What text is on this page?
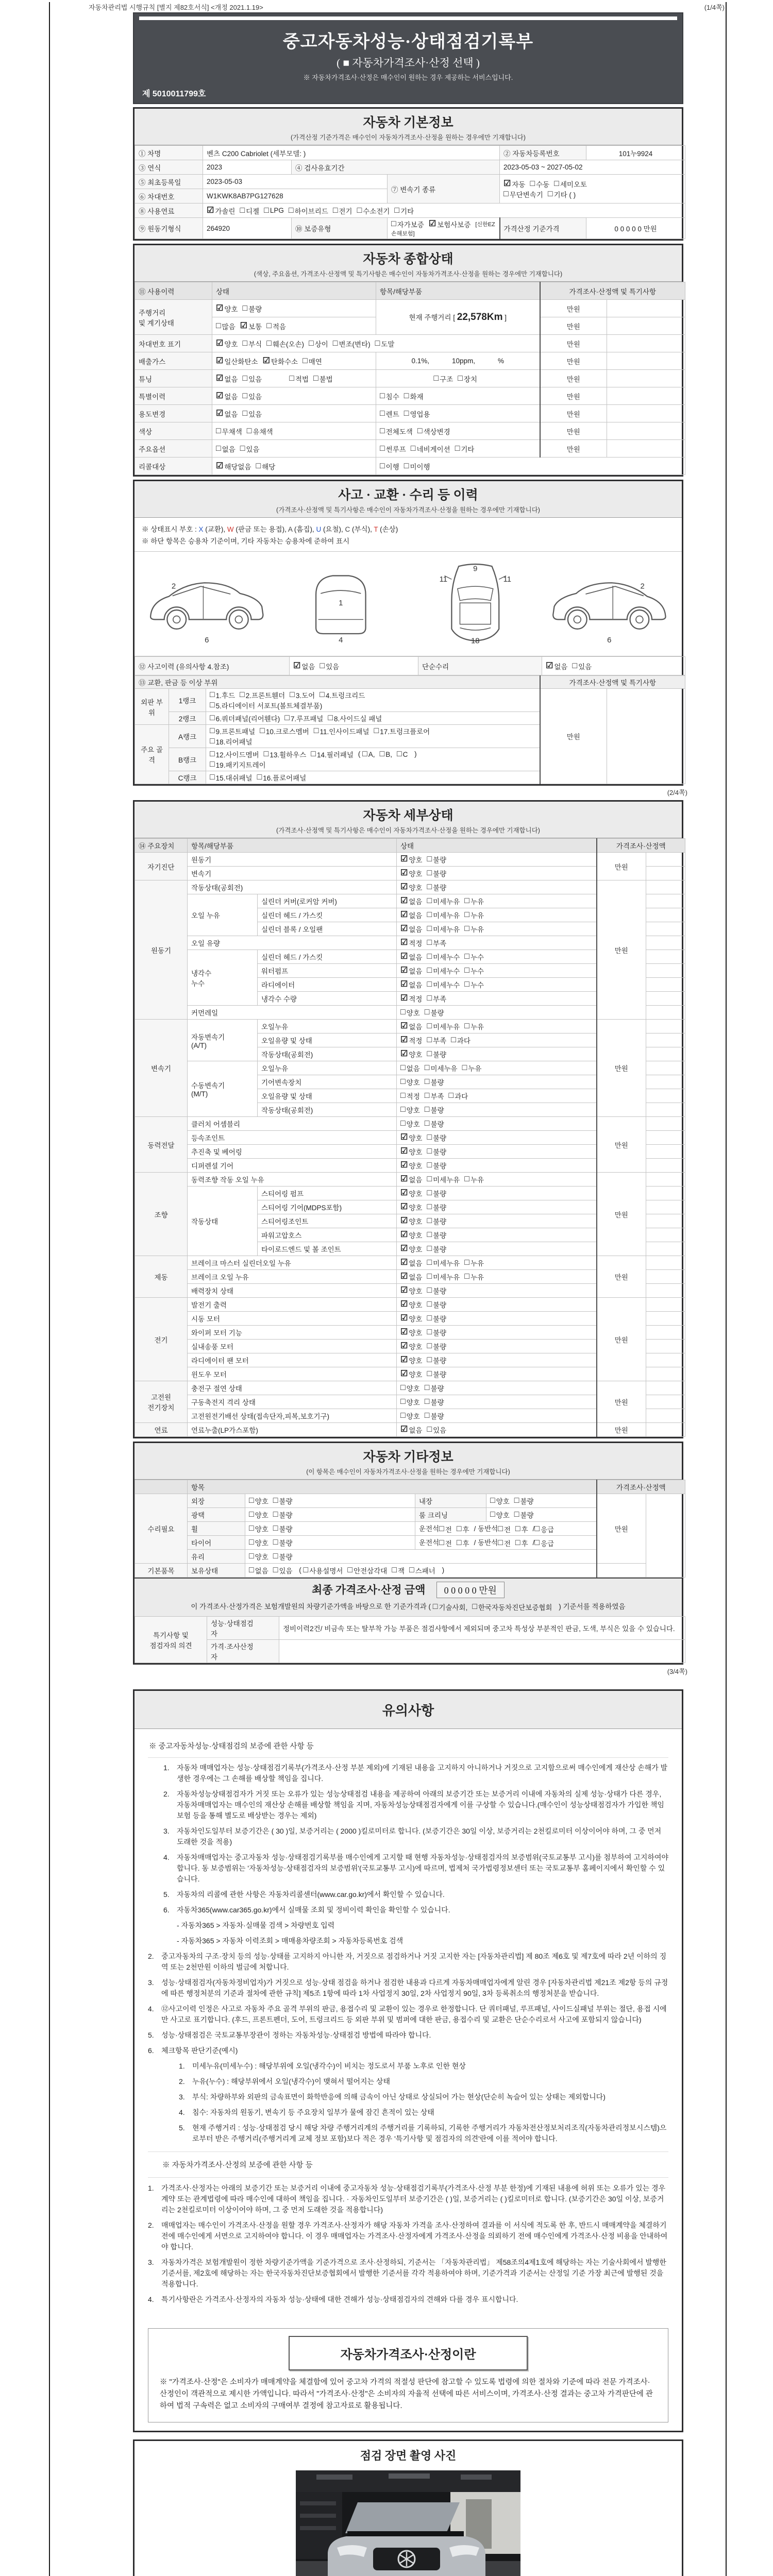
자동차관리법 시행규칙 [별지 제82호서식] <개정 2021.1.19>	(1/4쪽)
중고자동차성능·상태점검기록부
( ■ 자동차가격조사·산정 선택 )
※ 자동차가격조사·산정은 매수인이 원하는 경우 제공하는 서비스입니다.
제 5010011799호
자동차 기본정보
(가격산정 기준가격은 매수인이 자동차가격조사·산정을 원하는 경우에만 기재합니다)
① 차명	벤츠 C200 Cabriolet (세부모델: )			② 자동차등록번호	101누9924
③ 연식	2023	④ 검사유효기간		2023-05-03 ~ 2027-05-02	
⑤ 최초등록일	2023-05-03	⑦ 변속기 종류	
☑ 자동 □ 수동 □ 세미오토

□ 무단변속기 □ 기타 ( )

⑥ 차대번호	W1KWK8AB7PG127628				
⑧ 사용연료	☑ 가솔린 □ 디젤 □ LPG □ 하이브리드 □ 전기 □ 수소전기 □ 기타

⑨ 원동기형식	264920	⑩ 보증유형	□ 자가보증 ☑ 보험사보증 [신한EZ손해보험]	가격산정 기준가격	0 0 0 0 0 만원
자동차 종합상태
(색상, 주요옵션, 가격조사·산정액 및 특기사항은 매수인이 자동차가격조사·산정을 원하는 경우에만 기재합니다)
⑪ 사용이력	상태	항목/해당부품	가격조사·산정액 및 특기사항	
주행거리
및 계기상태	☑ 양호 □ 불량	현재 주행거리 [ 22,578Km ]	만원	

□ 많음 ☑ 보통 □ 적음	만원	
차대번호 표기	☑ 양호 □ 부식 □ 훼손(오손) □ 상이 □ 변조(변타) □ 도말	만원	
배출가스	☑ 일산화탄소 ☑ 탄화수소 □ 매연	0.1%,	10ppm,	%	만원	
튜닝	☑ 없음 □ 있음	□ 적법 □ 불법	□ 구조 □ 장치	만원	
특별이력	☑ 없음 □ 있음	□ 침수 □ 화재	만원	
용도변경	☑ 없음 □ 있음	□ 렌트 □ 영업용	만원	
색상	□ 무채색 □ 유채색	□ 전체도색 □ 색상변경	만원	
주요옵션	□ 없음 □ 있음	□ 썬루프 □ 네비게이션 □ 기타	만원	
리콜대상	☑ 해당없음 □ 해당	□ 이행 □ 미이행		
사고 · 교환 · 수리 등 이력
(가격조사·산정액 및 특기사항은 매수인이 자동차가격조사·산정을 원하는 경우에만 기재합니다)
※ 상태표시 부호 : X (교환), W (판금 또는 용접), A (흠집), U (요철), C (부식), T (손상)
※ 하단 항목은 승용차 기준이며, 기타 자동차는 승용차에 준하여 표시
2
6
1
4
11
9
11
18
2
6
⑫ 사고이력 (유의사항 4.참조)	☑ 없음 □ 있음	단순수리	☑ 없음 □ 있음
⑬ 교환, 판금 등 이상 부위			가격조사·산정액 및 특기사항	
외판 부위	1랭크	
□ 1.후드 □ 2.프론트휀더 □ 3.도어 □ 4.트렁크리드

□ 5.라디에이터 서포트(볼트체결부품)
	만원	
2랭크	□ 6.쿼더패널(리어휀다) □ 7.루프패널 □ 8.사이드실 패널

주요 골격	A랭크	
□ 9.프론트패널 □ 10.크로스멤버 □ 11.인사이드패널 □ 17.트렁크플로어

□ 18.리어패널

B랭크	
□ 12.사이드멤버 □ 13.휠하우스 □ 14.필러패널 ( □ A, □ B, □ C )

□ 19.패키지트레이

	C랭크	□ 15.대쉬패널 □ 16.플로어패널		
(2/4쪽)
자동차 세부상태
(가격조사·산정액 및 특기사항은 매수인이 자동차가격조사·산정을 원하는 경우에만 기재합니다)
⑭ 주요장치	항목/해당부품		상태	가격조사·산정액	
자기진단	원동기		☑ 양호 □ 불량	만원	
	변속기		☑ 양호 □ 불량		

원동기	작동상태(공회전)		☑ 양호 □ 불량	만원	
오일 누유	실린더 커버(로커암 커버)	☑ 없음 □ 미세누유 □ 누유

실린더 헤드 / 가스킷	☑ 없음 □ 미세누유 □ 누유

실린더 블록 / 오일팬	☑ 없음 □ 미세누유 □ 누유

	오일 유량		☑ 적정 □ 부족		

냉각수
누수	실린더 헤드 / 가스킷	☑ 없음 □ 미세누수 □ 누수

워터펌프	☑ 없음 □ 미세누수 □ 누수

라디에이터	☑ 없음 □ 미세누수 □ 누수

		냉각수 수량	☑ 적정 □ 부족		

	커먼레일		□ 양호 □ 불량		

변속기	자동변속기
(A/T)	오일누유	☑ 없음 □ 미세누유 □ 누유
	만원	
오일유량 및 상태	☑ 적정 □ 부족 □ 과다

		작동상태(공회전)	☑ 양호 □ 불량		

수동변속기
(M/T)	오일누유	□ 없음 □ 미세누유 □ 누유

		기어변속장치	□ 양호 □ 불량		

오일유량 및 상태	□ 적정 □ 부족 □ 과다

		작동상태(공회전)	□ 양호 □ 불량		

동력전달	클러치 어셈블리		□ 양호 □ 불량	만원	
	등속조인트		☑ 양호 □ 불량		

	추진축 및 베어링		☑ 양호 □ 불량		

	디퍼렌셜 기어		☑ 양호 □ 불량		

조향	동력조향 작동 오일 누유	☑ 없음 □ 미세누유 □ 누유
	만원	
	작동상태	스티어링 펌프	☑ 양호 □ 불량		

		스티어링 기어(MDPS포함)	☑ 양호 □ 불량		

		스티어링조인트	☑ 양호 □ 불량		

		파워고압호스	☑ 양호 □ 불량		

		타이로드엔드 및 볼 조인트	☑ 양호 □ 불량		

제동	브레이크 마스터 실린더오일 누유	☑ 없음 □ 미세누유 □ 누유
	만원	
브레이크 오일 누유	☑ 없음 □ 미세누유 □ 누유

	배력장치 상태		☑ 양호 □ 불량		

전기	발전기 출력		☑ 양호 □ 불량	만원	
	시동 모터		☑ 양호 □ 불량		

	와이퍼 모터 기능		☑ 양호 □ 불량		

	실내송풍 모터		☑ 양호 □ 불량		

	라디에이터 팬 모터		☑ 양호 □ 불량		

	윈도우 모터		☑ 양호 □ 불량		

고전원
전기장치	충전구 절연 상태		□ 양호 □ 불량	만원	
	구동축전지 격리 상태		□ 양호 □ 불량		

	고전원전기배선 상태(접속단자,피복,보호기구)		□ 양호 □ 불량		

연료	연료누출(LP가스포함)		☑ 없음 □ 있음	만원	
자동차 기타정보
(이 항목은 매수인이 자동차가격조사·산정을 원하는 경우에만 기재합니다)
	항목				가격조사·산정액	
수리필요	외장	□ 양호 □ 불량	내장	□ 양호 □ 불량	만원	
	광택	□ 양호 □ 불량	룸 크리닝	□ 양호 □ 불량		

휠	□ 양호 □ 불량	운전석 □ 전 □ 후 / 동반석 □ 전 □ 후 / □ 응급

타이어	□ 양호 □ 불량	운전석 □ 전 □ 후 / 동반석 □ 전 □ 후 / □ 응급

	유리	□ 양호 □ 불량				

기본품목	보유상태	□ 없음 □ 있음 ( □ 사용설명서 □ 안전삼각대 □ 잭 □ 스패너 )	
최종 가격조사·산정 금액 0 0 0 0 0 만원
이 가격조사·산정가격은 보험개발원의 차량기준가액을 바탕으로 한 기준가격과 ( □ 기술사회, □ 한국자동차진단보증협회 ) 기준서를 적용하였음
특기사항 및
점검자의 의견	성능·상태점검
자	정비이력2건/ 비금속 또는 탈부착 가능 부품은 점검사항에서 제외되며 중고차 특성상 부분적인 판금, 도색, 부식은 있을 수 있습니다.
	가격·조사산정
자	
(3/4쪽)
유의사항
※ 중고자동차성능·상태점검의 보증에 관한 사항 등
1.	자동차 매매업자는 성능·상태점검기록부(가격조사·산정 부분 제외)에 기재된 내용을 고지하지 아니하거나 거짓으로 고지함으로써 매수인에게 재산상 손해가 발생한 경우에는 그 손해를 배상할 책임을 집니다.
2.	자동차성능상태점검자가 거짓 또는 오류가 있는 성능상태점검 내용을 제공하여 아래의 보증기간 또는 보증거리 이내에 자동차의 실제 성능·상태가 다른 경우, 자동차매매업자는 매수인의 재산상 손해를 배상할 책임을 지며, 자동차성능상태점검자에게 이를 구상할 수 있습니다.(매수인이 성능상태점검자가 가입한 책임보험 등을 통해 별도로 배상받는 경우는 제외)
3.	자동차인도일부터 보증기간은 ( 30 )일, 보증거리는 ( 2000 )킬로미터로 합니다. (보증기간은 30일 이상, 보증거리는 2천킬로미터 이상이어야 하며, 그 중 먼저 도래한 것을 적용)
4.	자동차매매업자는 중고자동차 성능·상태점검기록부를 매수인에게 고지할 때 현행 자동차성능·상태점검자의 보증범위(국토교통부 고시)를 첨부하여 고지하여야 합니다. 동 보증범위는 '자동차성능·상태점검자의 보증범위'(국토교통부 고시)에 따르며, 법제처 국가법령정보센터 또는 국토교통부 홈페이지에서 확인할 수 있습니다.
5.	자동차의 리콜에 관한 사항은 자동차리콜센터(www.car.go.kr)에서 확인할 수 있습니다.
6.	자동차365(www.car365.go.kr)에서 실매물 조회 및 정비이력 확인을 확인할 수 있습니다.
- 자동차365 > 자동차·실매물 검색 > 차량번호 입력
- 자동차365 > 자동차 이력조회 > 매매용차량조회 > 자동차등록번호 검색
2.	중고자동차의 구조·장치 등의 성능·상태를 고지하지 아니한 자, 거짓으로 점검하거나 거짓 고지한 자는 [자동차관리법] 제 80조 제6호 및 제7호에 따라 2년 이하의 징역 또는 2천만원 이하의 벌금에 처합니다.
3.	성능·상태점검자(자동차정비업자)가 거짓으로 성능·상태 점검을 하거나 점검한 내용과 다르게 자동차매매업자에게 알린 경우 [자동차관리법 제21조 제2항 등의 규정에 따른 행정처분의 기준과 절차에 관한 규칙] 제5조 1항에 따라 1차 사업정지 30일, 2차 사업정지 90일, 3차 등록취소의 행정처분을 받습니다.
4.	⑫사고이력 인정은 사고로 자동차 주요 골격 부위의 판금, 용접수리 및 교환이 있는 경우로 한정합니다. 단 쿼터패널, 루프패널, 사이드실패널 부위는 절단, 용접 시에만 사고로 표기합니다. (후드, 프론트펜더, 도어, 트렁크리드 등 외판 부위 및 범퍼에 대한 판금, 용접수리 및 교환은 단순수리로서 사고에 포함되지 않습니다)
5.	성능·상태점검은 국토교통부장관이 정하는 자동차성능·상태점검 방법에 따라야 합니다.
6.	체크항목 판단기준(예시)
1.	미세누유(미세누수) : 해당부위에 오일(냉각수)이 비치는 정도로서 부품 노후로 인한 현상
2.	누유(누수) : 해당부위에서 오일(냉각수)이 맺혀서 떨어지는 상태
3.	부식: 차량하부와 외판의 금속표면이 화학반응에 의해 금속이 아닌 상태로 상실되어 가는 현상(단순히 녹슬어 있는 상태는 제외합니다)
4.	침수: 자동차의 원동기, 변속기 등 주요장치 일부가 물에 잠긴 흔적이 있는 상태
5.	현재 주행거리 : 성능·상태점검 당시 해당 차량 주행거리계의 주행거리를 기록하되, 기록한 주행거리가 자동차전산정보처리조직(자동차관리정보시스템)으로부터 받은 주행거리(주행거리계 교체 정보 포함)보다 적은 경우 '특기사항 및 점검자의 의견'란에 이를 적어야 합니다.
※ 자동차가격조사·산정의 보증에 관한 사항 등
1.	가격조사·산정자는 아래의 보증기간 또는 보증거리 이내에 중고자동차 성능·상태점검기록부(가격조사·산정 부분 한정)에 기재된 내용에 허위 또는 오류가 있는 경우 계약 또는 관계법령에 따라 매수인에 대하여 책임을 집니다. · 자동차인도일부터 보증기간은 ( )일, 보증거리는 ( )킬로미터로 합니다. (보증기간은 30일 이상, 보증거리는 2천킬로미터 이상이어야 하며, 그 중 먼저 도래한 것을 적용합니다)
2.	매매업자는 매수인이 가격조사·산정을 원할 경우 가격조사·산정자가 해당 자동차 가격을 조사·산정하여 결과를 이 서식에 적도록 한 후, 반드시 매매계약을 체결하기 전에 매수인에게 서면으로 고지하여야 합니다. 이 경우 매매업자는 가격조사·산정자에게 가격조사·산정을 의뢰하기 전에 매수인에게 가격조사·산정 비용을 안내하여야 합니다.
3.	자동차가격은 보험개발원이 정한 차량기준가액을 기준가격으로 조사·산정하되, 기준서는 「자동차관리법」 제58조의4제1호에 해당하는 자는 기술사회에서 발행한 기준서를, 제2호에 해당하는 자는 한국자동차진단보증협회에서 발행한 기준서를 각각 적용하여야 하며, 기준가격과 기준서는 산정일 기준 가장 최근에 발행된 것을 적용합니다.
4.	특기사항란은 가격조사·산정자의 자동차 성능·상태에 대한 견해가 성능·상태점검자의 견해와 다를 경우 표시합니다.
자동차가격조사·산정이란

※ "가격조사·산정"은 소비자가 매매계약을 체결함에 있어 중고차 가격의 적절성 판단에 참고할 수 있도록 법령에 의한 절차와 기준에 따라 전문 가격조사·산정인이 객관적으로 제시한 가액입니다. 따라서 "가격조사·산정"은 소비자의 자율적 선택에 따른 서비스이며, 가격조사·산정 결과는 중고차 가격판단에 관하여 법적 구속력은 없고 소비자의 구매여부 결정에 참고자료로 활용됩니다.

점검 장면 촬영 사진
